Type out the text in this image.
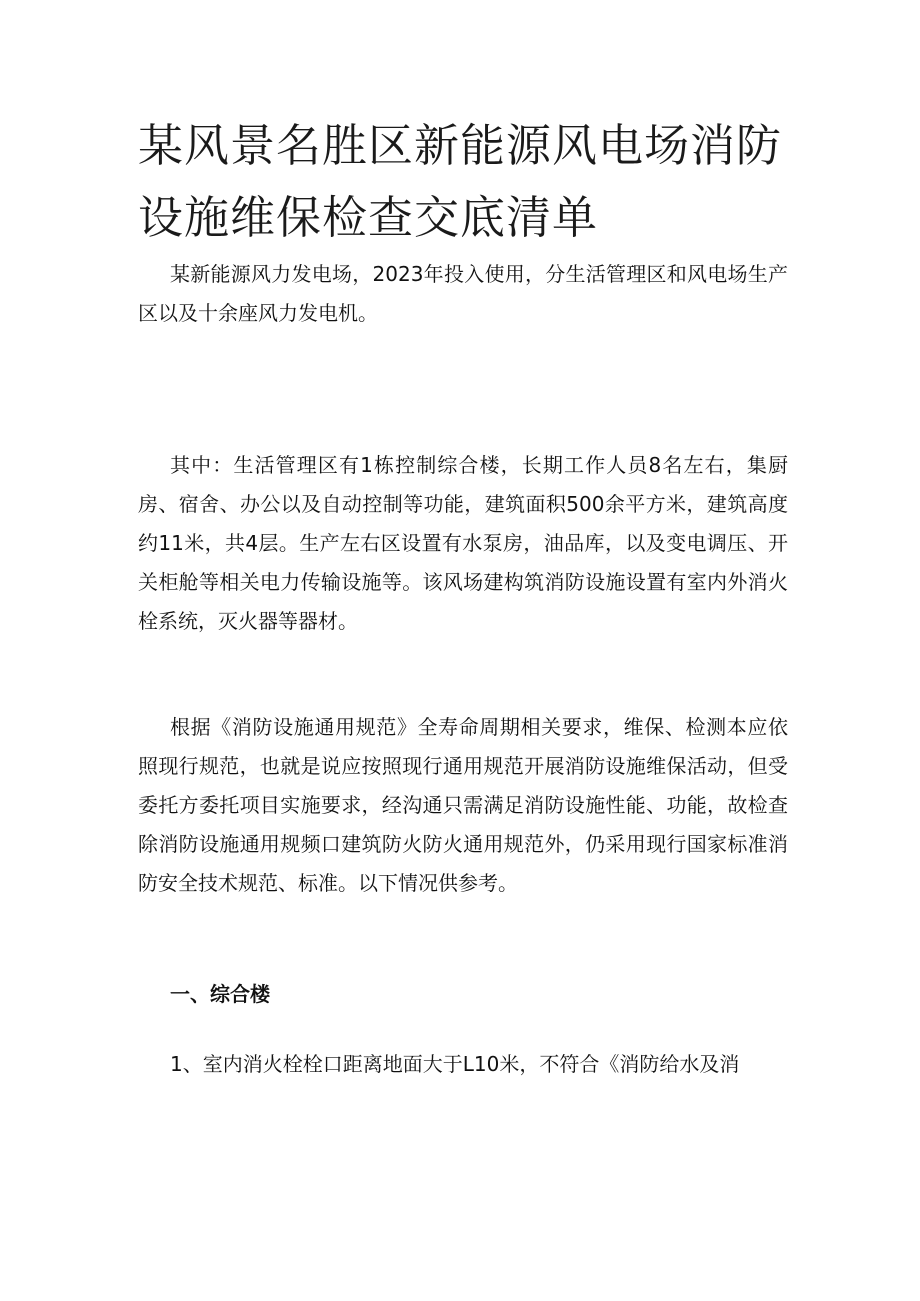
某风景名胜区新能源风电场消防设施维保检查交底清单

某新能源风力发电场，2023年投入使用，分生活管理区和风电场生产区以及十余座风力发电机。

其中：生活管理区有1栋控制综合楼，长期工作人员8名左右，集厨房、宿舍、办公以及自动控制等功能，建筑面积500余平方米，建筑高度约11米，共4层。生产左右区设置有水泵房，油品库，以及变电调压、开关柜舱等相关电力传输设施等。该风场建构筑消防设施设置有室内外消火栓系统，灭火器等器材。

根据《消防设施通用规范》全寿命周期相关要求，维保、检测本应依照现行规范，也就是说应按照现行通用规范开展消防设施维保活动，但受委托方委托项目实施要求，经沟通只需满足消防设施性能、功能，故检查除消防设施通用规频口建筑防火防火通用规范外，仍采用现行国家标准消防安全技术规范、标准。以下情况供参考。

一、综合楼

1、室内消火栓栓口距离地面大于L10米，不符合《消防给水及消
